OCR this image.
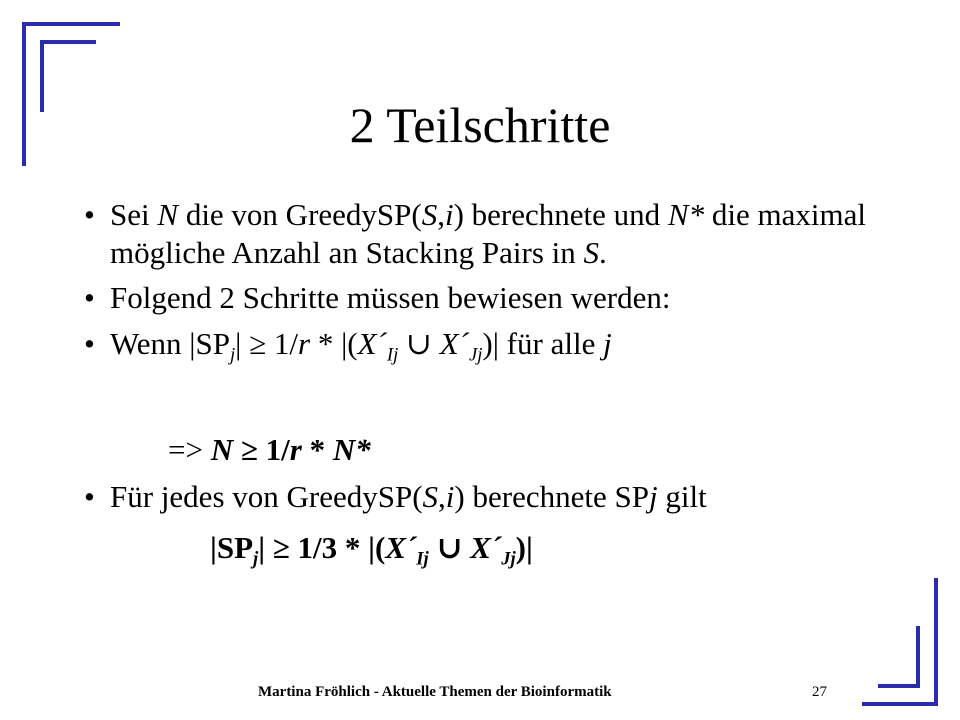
2 Teilschritte
• Sei N die von GreedySP(S,i) berechnete und N* die maximal mögliche Anzahl an Stacking Pairs in S.
• Folgend 2 Schritte müssen bewiesen werden:
• Wenn $|SP_j| \ge 1/r$ * $|(X´_{Ij}$ ∪ $X´_{Jj})|$ für alle j
=> N ≥ 1/r * N*
• Für jedes von GreedySP(S,i) berechnete SPj gilt
$|SP_j| \ge 1/3$ * $|(X´_{Ij}$ ∪ $X´_{Jj})|$
Martina Fröhlich - Aktuelle Themen der Bioinformatik	27
